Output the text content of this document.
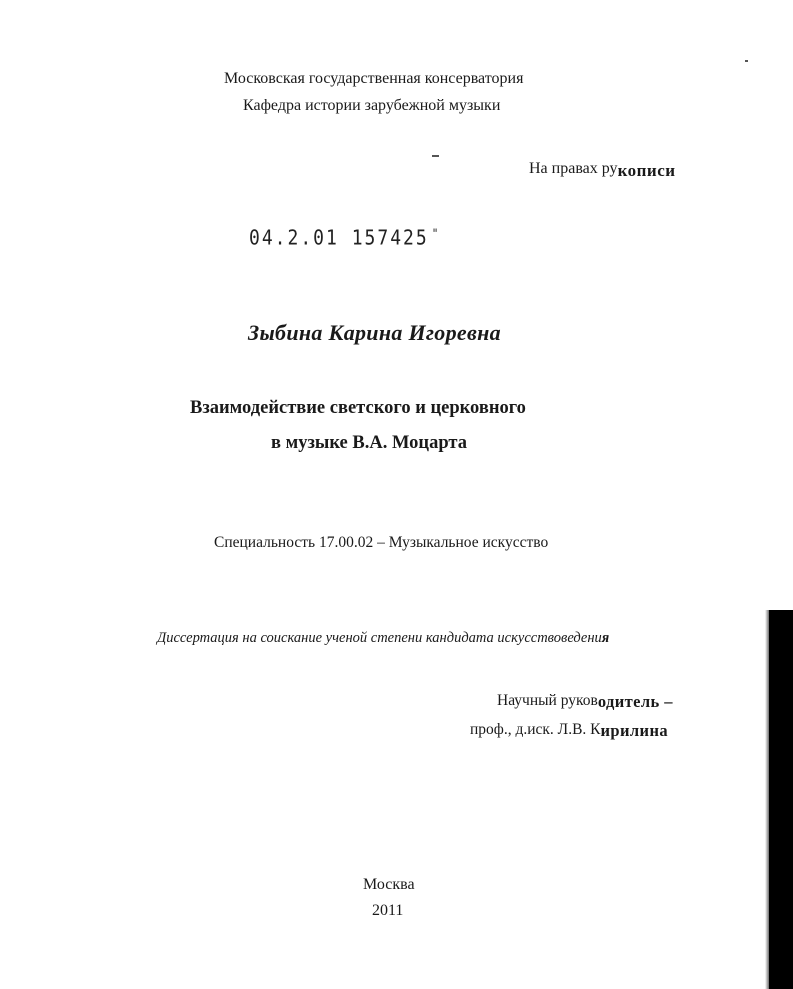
Московская государственная консерватория
Кафедра истории зарубежной музыки
На правах рукописи
04.2.01 157425 "
Зыбина Карина Игоревна
Взаимодействие светского и церковного
в музыке В.А. Моцарта
Специальность 17.00.02 – Музыкальное искусство
Диссертация на соискание ученой степени кандидата искусствоведения
Научный руководитель –
проф., д.иск. Л.В. Кирилина
Москва
2011
